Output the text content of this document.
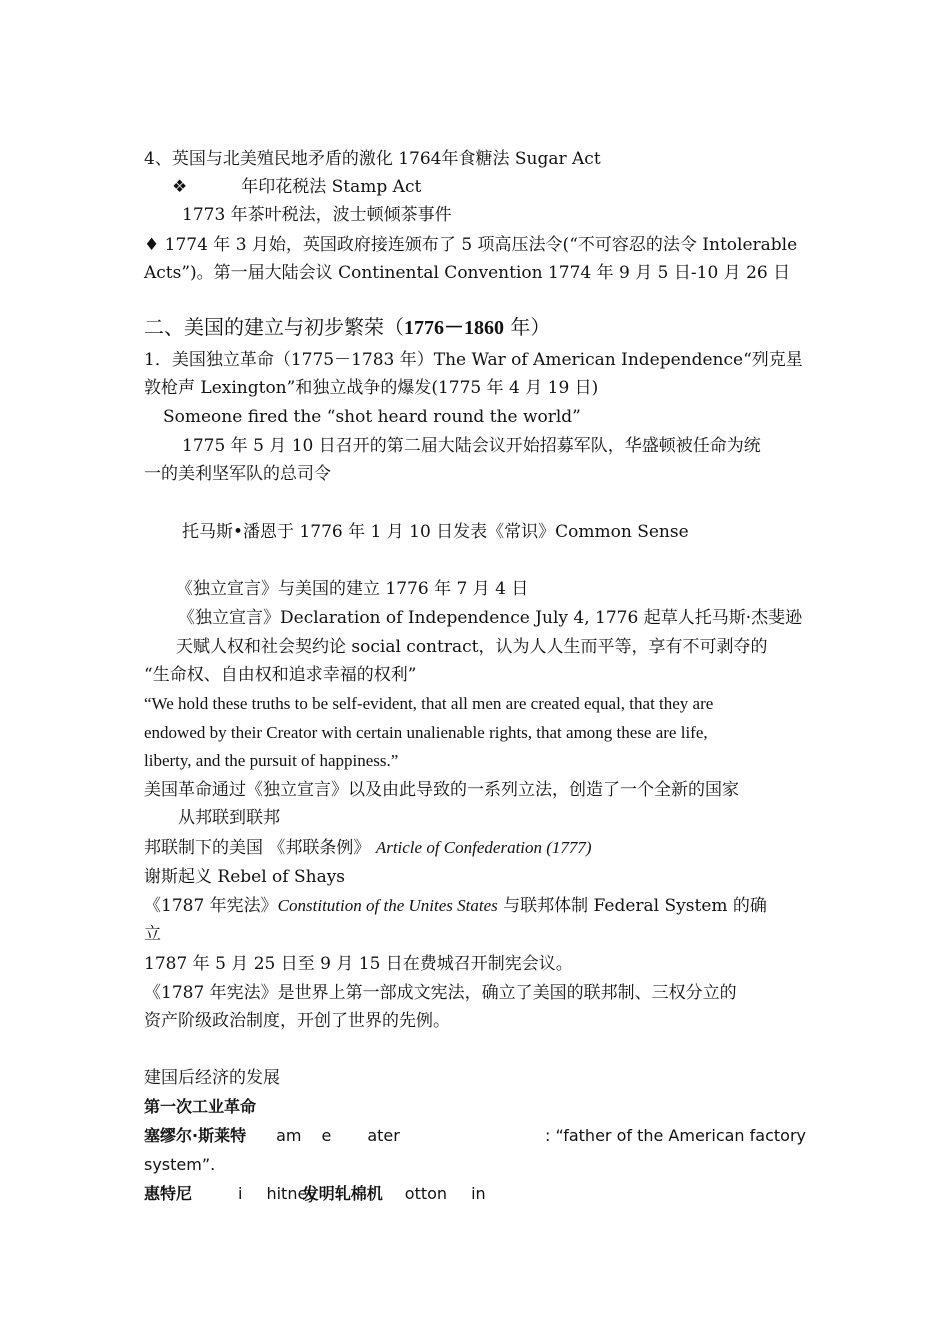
4、英国与北美殖民地矛盾的激化 1764年食糖法 Sugar Act
❖	年印花税法 Stamp Act
1773 年茶叶税法，波士顿倾茶事件
♦ 1774 年 3 月始，英国政府接连颁布了 5 项高压法令(“不可容忍的法令 Intolerable
Acts”)。第一届大陆会议 Continental Convention 1774 年 9 月 5 日-10 月 26 日
二、美国的建立与初步繁荣（1776－1860 年）
1．美国独立革命（1775－1783 年）The War of American Independence“列克星
敦枪声 Lexington”和独立战争的爆发(1775 年 4 月 19 日)
Someone fired the “shot heard round the world”
1775 年 5 月 10 日召开的第二届大陆会议开始招募军队，华盛顿被任命为统
一的美利坚军队的总司令
托马斯•潘恩于 1776 年 1 月 10 日发表《常识》Common Sense
《独立宣言》与美国的建立 1776 年 7 月 4 日
《独立宣言》Declaration of Independence July 4, 1776 起草人托马斯·杰斐逊
天赋人权和社会契约论 social contract，认为人人生而平等，享有不可剥夺的
“生命权、自由权和追求幸福的权利”
“We hold these truths to be self-evident, that all men are created equal, that they are
endowed by their Creator with certain unalienable rights, that among these are life,
liberty, and the pursuit of happiness.”
美国革命通过《独立宣言》以及由此导致的一系列立法，创造了一个全新的国家
从邦联到联邦
邦联制下的美国 《邦联条例》 Article of Confederation (1777)
谢斯起义 Rebel of Shays
《1787 年宪法》Constitution of the Unites States 与联邦体制 Federal System 的确
立
1787 年 5 月 25 日至 9 月 15 日在费城召开制宪会议。
《1787 年宪法》是世界上第一部成文宪法，确立了美国的联邦制、三权分立的
资产阶级政治制度，开创了世界的先例。
建国后经济的发展
第一次工业革命
塞缪尔·斯莱特 am e ater	: “father of the American factory
system”.
惠特尼	i hitney发明轧棉机 otton in
